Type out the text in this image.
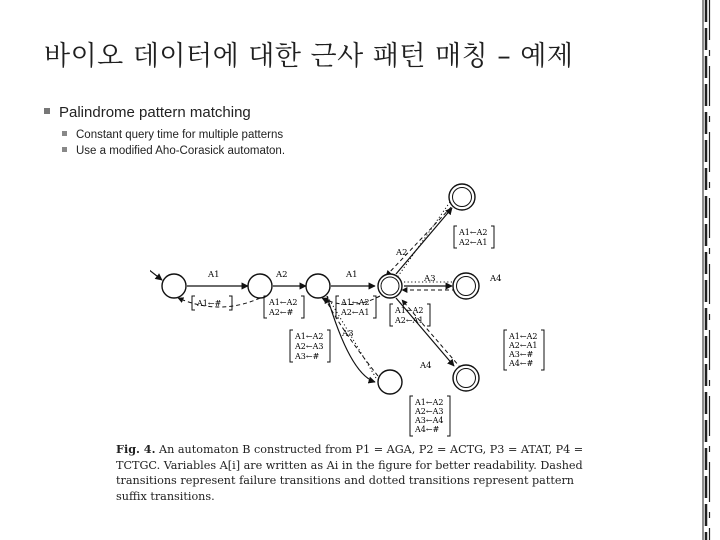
바이오 데이터에 대한 근사 패턴 매칭 – 예제
Palindrome pattern matching
Constant query time for multiple patterns
Use a modified Aho-Corasick automaton.
A1	A2	A1	A4
A2
A3
A3
A4
A1←#	A1←A2
A2←#
A1←A2
A2←A1	A1←A2
A2←A1
A1←A2
A2←A1
A1←A2
A2←A3
A3←#
A1←A2
A2←A1
A3←#
A4←#
A1←A2
A2←A3
A3←A4
A4←#
Fig. 4. An automaton B constructed from P1 = AGA, P2 = ACTG, P3 = ATAT, P4 = TCTGC. Variables A[i] are written as Ai in the figure for better readability. Dashed transitions represent failure transitions and dotted transitions represent pattern suffix transitions.
